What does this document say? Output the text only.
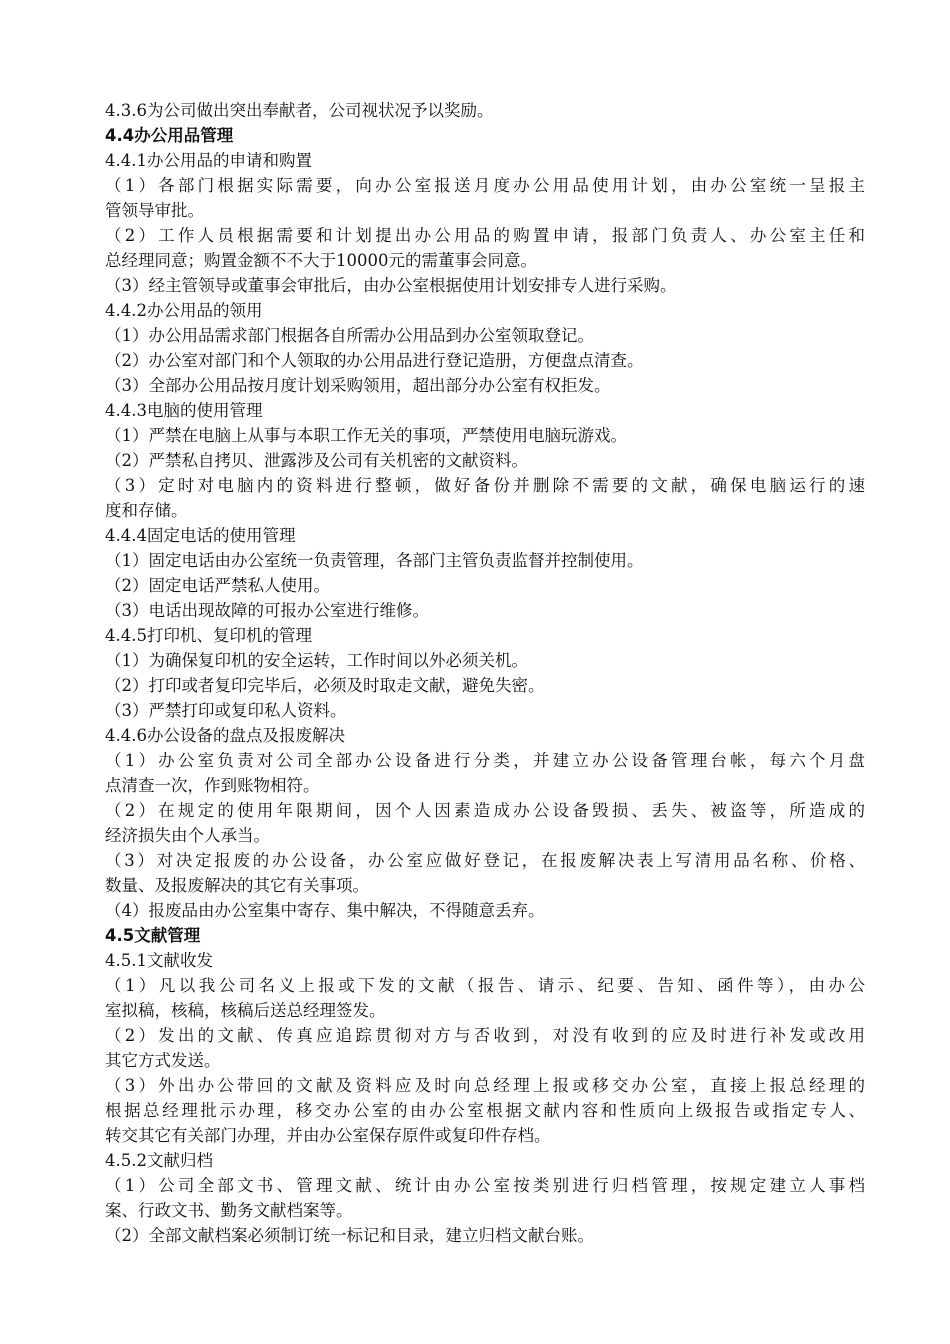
4.3.6为公司做出突出奉献者，公司视状况予以奖励。
4.4办公用品管理
4.4.1办公用品的申请和购置
（1）各部门根据实际需要，向办公室报送月度办公用品使用计划，由办公室统一呈报主
管领导审批。
（2）工作人员根据需要和计划提出办公用品的购置申请，报部门负责人、办公室主任和
总经理同意；购置金额不不大于10000元的需董事会同意。
（3）经主管领导或董事会审批后，由办公室根据使用计划安排专人进行采购。
4.4.2办公用品的领用
（1）办公用品需求部门根据各自所需办公用品到办公室领取登记。
（2）办公室对部门和个人领取的办公用品进行登记造册，方便盘点清查。
（3）全部办公用品按月度计划采购领用，超出部分办公室有权拒发。
4.4.3电脑的使用管理
（1）严禁在电脑上从事与本职工作无关的事项，严禁使用电脑玩游戏。
（2）严禁私自拷贝、泄露涉及公司有关机密的文献资料。
（3）定时对电脑内的资料进行整顿，做好备份并删除不需要的文献，确保电脑运行的速
度和存储。
4.4.4固定电话的使用管理
（1）固定电话由办公室统一负责管理，各部门主管负责监督并控制使用。
（2）固定电话严禁私人使用。
（3）电话出现故障的可报办公室进行维修。
4.4.5打印机、复印机的管理
（1）为确保复印机的安全运转，工作时间以外必须关机。
（2）打印或者复印完毕后，必须及时取走文献，避免失密。
（3）严禁打印或复印私人资料。
4.4.6办公设备的盘点及报废解决
（1）办公室负责对公司全部办公设备进行分类，并建立办公设备管理台帐，每六个月盘
点清查一次，作到账物相符。
（2）在规定的使用年限期间，因个人因素造成办公设备毁损、丢失、被盗等，所造成的
经济损失由个人承当。
（3）对决定报废的办公设备，办公室应做好登记，在报废解决表上写清用品名称、价格、
数量、及报废解决的其它有关事项。
（4）报废品由办公室集中寄存、集中解决，不得随意丢弃。
4.5文献管理
4.5.1文献收发
（1）凡以我公司名义上报或下发的文献（报告、请示、纪要、告知、函件等），由办公
室拟稿，核稿，核稿后送总经理签发。
（2）发出的文献、传真应追踪贯彻对方与否收到，对没有收到的应及时进行补发或改用
其它方式发送。
（3）外出办公带回的文献及资料应及时向总经理上报或移交办公室，直接上报总经理的
根据总经理批示办理，移交办公室的由办公室根据文献内容和性质向上级报告或指定专人、
转交其它有关部门办理，并由办公室保存原件或复印件存档。
4.5.2文献归档
（1）公司全部文书、管理文献、统计由办公室按类别进行归档管理，按规定建立人事档
案、行政文书、勤务文献档案等。
（2）全部文献档案必须制订统一标记和目录，建立归档文献台账。
